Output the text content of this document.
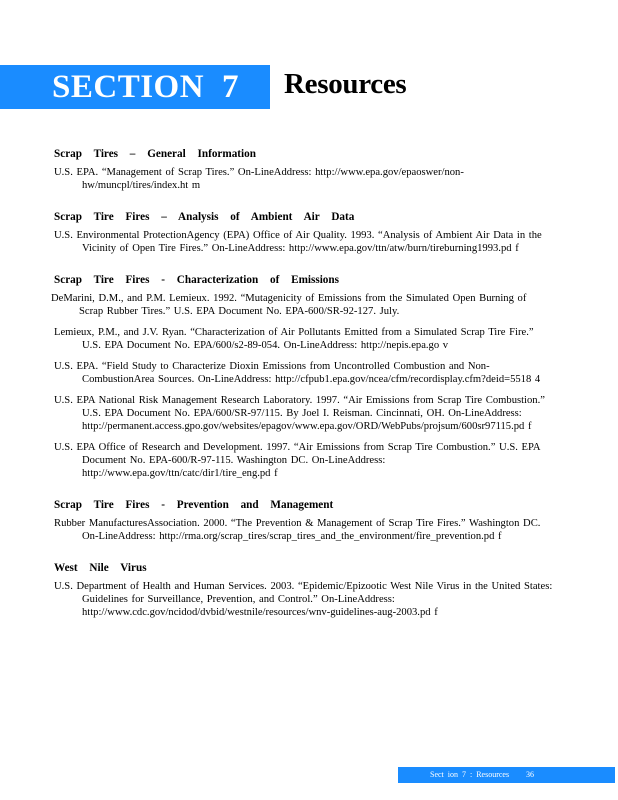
SECTION 7 Resources
Scrap Tires – General Information
U.S. EPA. “Management of Scrap Tires.” On-LineAddress: http://www.epa.gov/epaoswer/non-hw/muncpl/tires/index.ht m
Scrap Tire Fires – Analysis of Ambient Air Data
U.S. Environmental ProtectionAgency (EPA) Office of Air Quality. 1993. “Analysis of Ambient Air Data in the Vicinity of Open Tire Fires.” On-LineAddress: http://www.epa.gov/ttn/atw/burn/tireburning1993.pd f
Scrap Tire Fires - Characterization of Emissions
DeMarini, D.M., and P.M. Lemieux. 1992. “Mutagenicity of Emissions from the Simulated Open Burning of Scrap Rubber Tires.” U.S. EPA Document No. EPA-600/SR-92-127. July.
Lemieux, P.M., and J.V. Ryan. “Characterization of Air Pollutants Emitted from a Simulated Scrap Tire Fire.” U.S. EPA Document No. EPA/600/s2-89-054. On-LineAddress: http://nepis.epa.go v
U.S. EPA. “Field Study to Characterize Dioxin Emissions from Uncontrolled Combustion and Non-CombustionArea Sources. On-LineAddress: http://cfpub1.epa.gov/ncea/cfm/recordisplay.cfm?deid=5518 4
U.S. EPA National Risk Management Research Laboratory. 1997. “Air Emissions from Scrap Tire Combustion.” U.S. EPA Document No. EPA/600/SR-97/115. By Joel I. Reisman. Cincinnati, OH. On-LineAddress: http://permanent.access.gpo.gov/websites/epagov/www.epa.gov/ORD/WebPubs/projsum/600sr97115.pd f
U.S. EPA Office of Research and Development. 1997. “Air Emissions from Scrap Tire Combustion.” U.S. EPA Document No. EPA-600/R-97-115. Washington DC. On-LineAddress: http://www.epa.gov/ttn/catc/dir1/tire_eng.pd f
Scrap Tire Fires - Prevention and Management
Rubber ManufacturesAssociation. 2000. “The Prevention & Management of Scrap Tire Fires.” Washington DC. On-LineAddress: http://rma.org/scrap_tires/scrap_tires_and_the_environment/fire_prevention.pd f
West Nile Virus
U.S. Department of Health and Human Services. 2003. “Epidemic/Epizootic West Nile Virus in the United States: Guidelines for Surveillance, Prevention, and Control.” On-LineAddress: http://www.cdc.gov/ncidod/dvbid/westnile/resources/wnv-guidelines-aug-2003.pd f
Sect ion 7 : Resources 36
